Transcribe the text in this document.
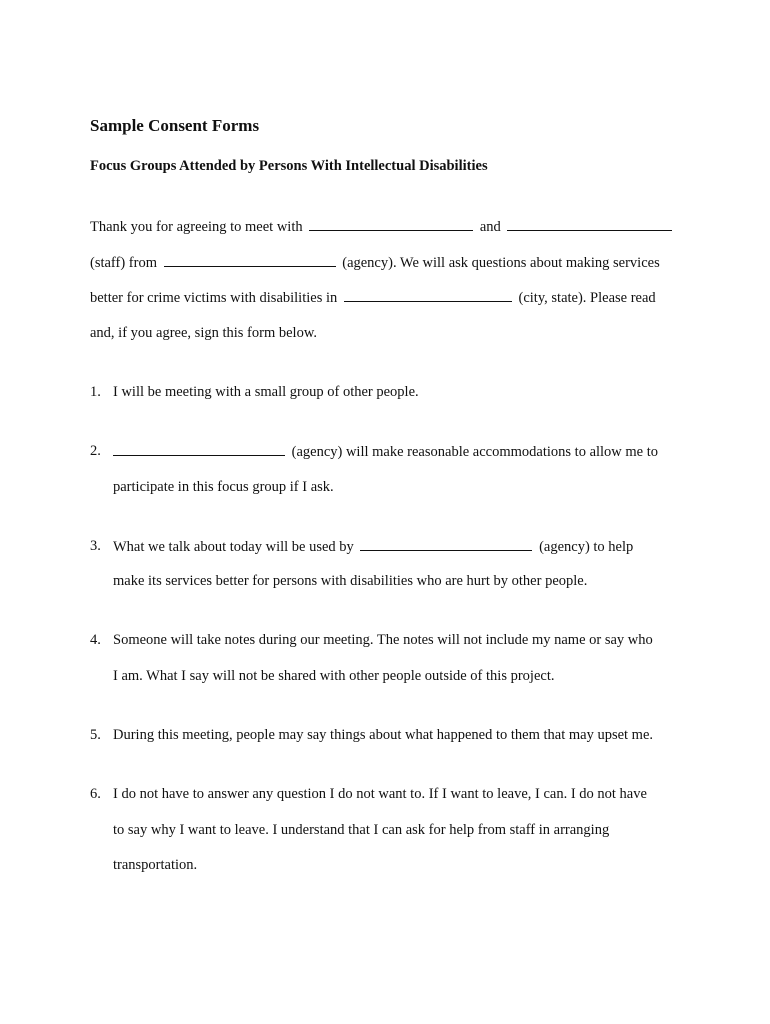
Sample Consent Forms
Focus Groups Attended by Persons With Intellectual Disabilities
Thank you for agreeing to meet with	and
(staff) from	(agency). We will ask questions about making services
better for crime victims with disabilities in	(city, state). Please read
and, if you agree, sign this form below.
1. I will be meeting with a small group of other people.
2.	(agency) will make reasonable accommodations to allow me to
participate in this focus group if I ask.
3. What we talk about today will be used by	(agency) to help
make its services better for persons with disabilities who are hurt by other people.
4. Someone will take notes during our meeting. The notes will not include my name or say who
I am. What I say will not be shared with other people outside of this project.
5. During this meeting, people may say things about what happened to them that may upset me.
6. I do not have to answer any question I do not want to. If I want to leave, I can. I do not have
to say why I want to leave. I understand that I can ask for help from staff in arranging
transportation.
